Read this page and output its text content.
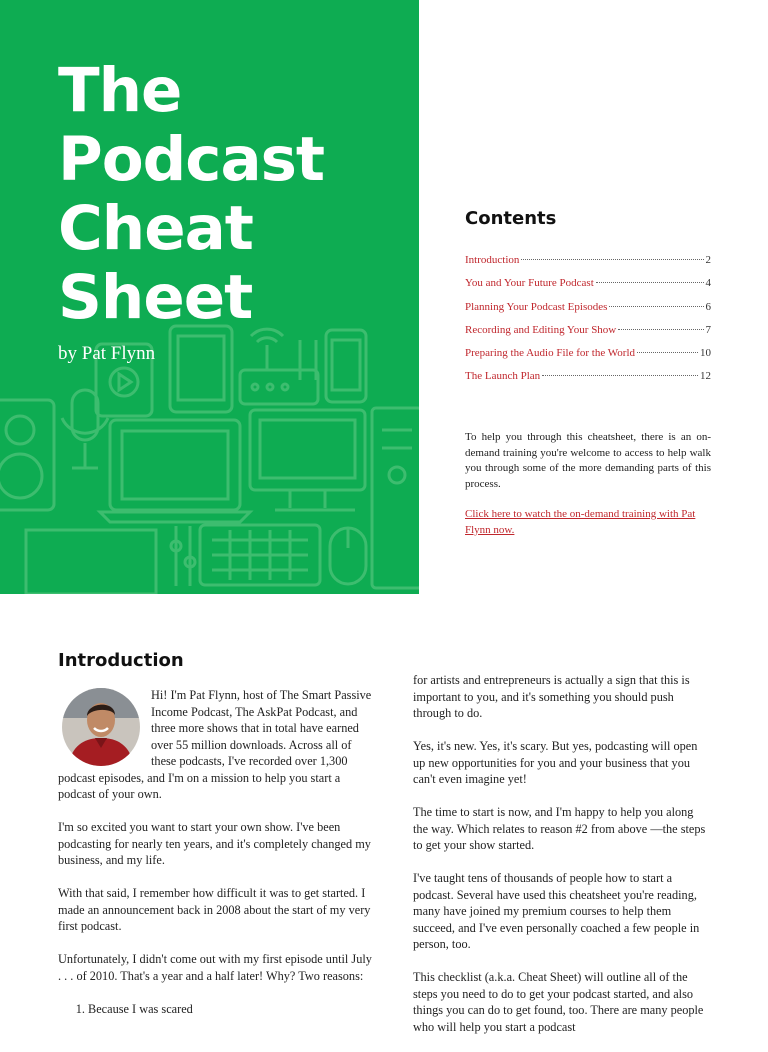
The
Podcast
Cheat
Sheet
by Pat Flynn
Contents
Introduction	2
You and Your Future Podcast	4
Planning Your Podcast Episodes	6
Recording and Editing Your Show	7
Preparing the Audio File for the World	10
The Launch Plan	12

To help you through this cheatsheet, there is an on-demand training you're welcome to access to help walk you through some of the more demanding parts of this process.

Click here to watch the on-demand training with Pat Flynn now.
Introduction

Hi! I'm Pat Flynn, host of The Smart Passive Income Podcast, The AskPat Podcast, and three more shows that in total have earned over 55 million downloads. Across all of these podcasts, I've recorded over 1,300 podcast episodes, and I'm on a mission to help you start a podcast of your own.

I'm so excited you want to start your own show. I've been podcasting for nearly ten years, and it's completely changed my business, and my life.

With that said, I remember how difficult it was to get started. I made an announcement back in 2008 about the start of my very first podcast.

Unfortunately, I didn't come out with my first episode until July . . . of 2010. That's a year and a half later! Why? Two reasons:

1. Because I was scared

for artists and entrepreneurs is actually a sign that this is important to you, and it's something you should push through to do.

Yes, it's new. Yes, it's scary. But yes, podcasting will open up new opportunities for you and your business that you can't even imagine yet!

The time to start is now, and I'm happy to help you along the way. Which relates to reason #2 from above —the steps to get your show started.

I've taught tens of thousands of people how to start a podcast. Several have used this cheatsheet you're reading, many have joined my premium courses to help them succeed, and I've even personally coached a few people in person, too.

This checklist (a.k.a. Cheat Sheet) will outline all of the steps you need to do to get your podcast started, and also things you can do to get found, too. There are many people who will help you start a podcast
